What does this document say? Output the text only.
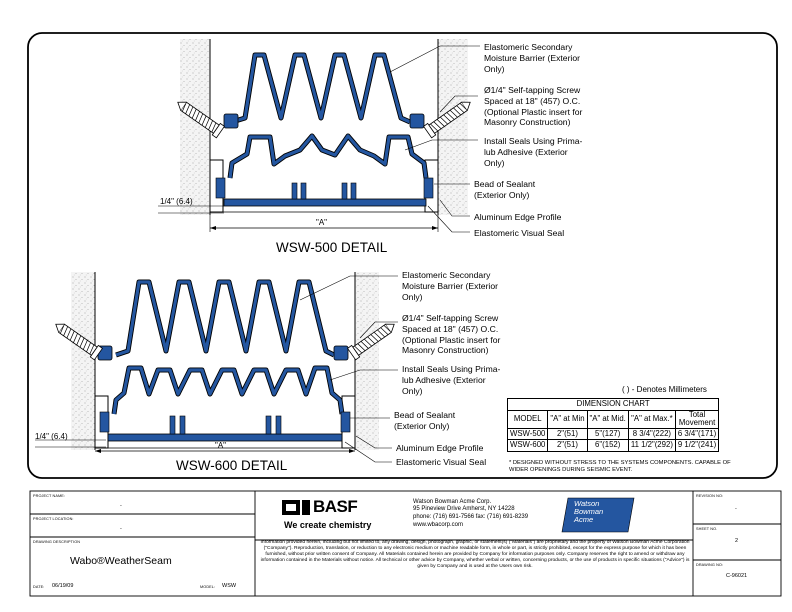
Elastomeric Secondary Moisture Barrier (Exterior Only)
Ø1/4" Self-tapping Screw Spaced at 18" (457) O.C. (Optional Plastic insert for Masonry Construction)
Install Seals Using Prima-lub Adhesive (Exterior Only)
Bead of Sealant (Exterior Only)
Aluminum Edge Profile
Elastomeric Visual Seal
1/4" (6.4)
"A"
WSW-500 DETAIL
Elastomeric Secondary Moisture Barrier (Exterior Only)
Ø1/4" Self-tapping Screw Spaced at 18" (457) O.C. (Optional Plastic insert for Masonry Construction)
Install Seals Using Prima-lub Adhesive (Exterior Only)
Bead of Sealant (Exterior Only)
Aluminum Edge Profile
Elastomeric Visual Seal
1/4" (6.4)
"A"
WSW-600 DETAIL
( ) - Denotes Millimeters
DIMENSION CHART				
MODEL	"A" at Min	"A" at Mid.	"A" at Max.*	Total Movement
WSW-500	2"(51)	5"(127)	8 3/4"(222)	6 3/4"(171)
WSW-600	2"(51)	6"(152)	11 1/2"(292)	9 1/2"(241)
* DESIGNED WITHOUT STRESS TO THE SYSTEMS COMPONENTS. CAPABLE OF WIDER OPENINGS DURING SEISMIC EVENT.
PROJECT NAME:
-
PROJECT LOCATION:
-
DRAWING DESCRIPTION
Wabo®WeatherSeam
DATE: 06/19/09	MODEL: WSW
BASF
We create chemistry
Watson Bowman Acme Corp.
95 Pineview Drive Amherst, NY 14228
phone: (716) 691-7566 fax: (716) 691-8239
www.wbacorp.com
Watson
Bowman
Acme
Information provided herein, including but not limited to, any drawing, design, photograph, graphic, or statement(s) ("Materials") are proprietary and the property of Watson Bowman Acme Corporation ("Company"). Reproduction, translation, or reduction to any electronic medium or machine readable form, in whole or part, is strictly prohibited, except for the express purpose for which it has been furnished, without prior written consent of Company. All Materials contained herein are provided by Company for information purposes only. Company reserves the right to amend or withdraw any information contained in the Materials without notice. All technical or other advice by Company, whether verbal or written, concerning products, or the use of products in specific situations ("Advice") is given by Company and is used at the Users own risk.
REVISION NO:
-
SHEET NO.
2
DRAWING NO:
C-96021
